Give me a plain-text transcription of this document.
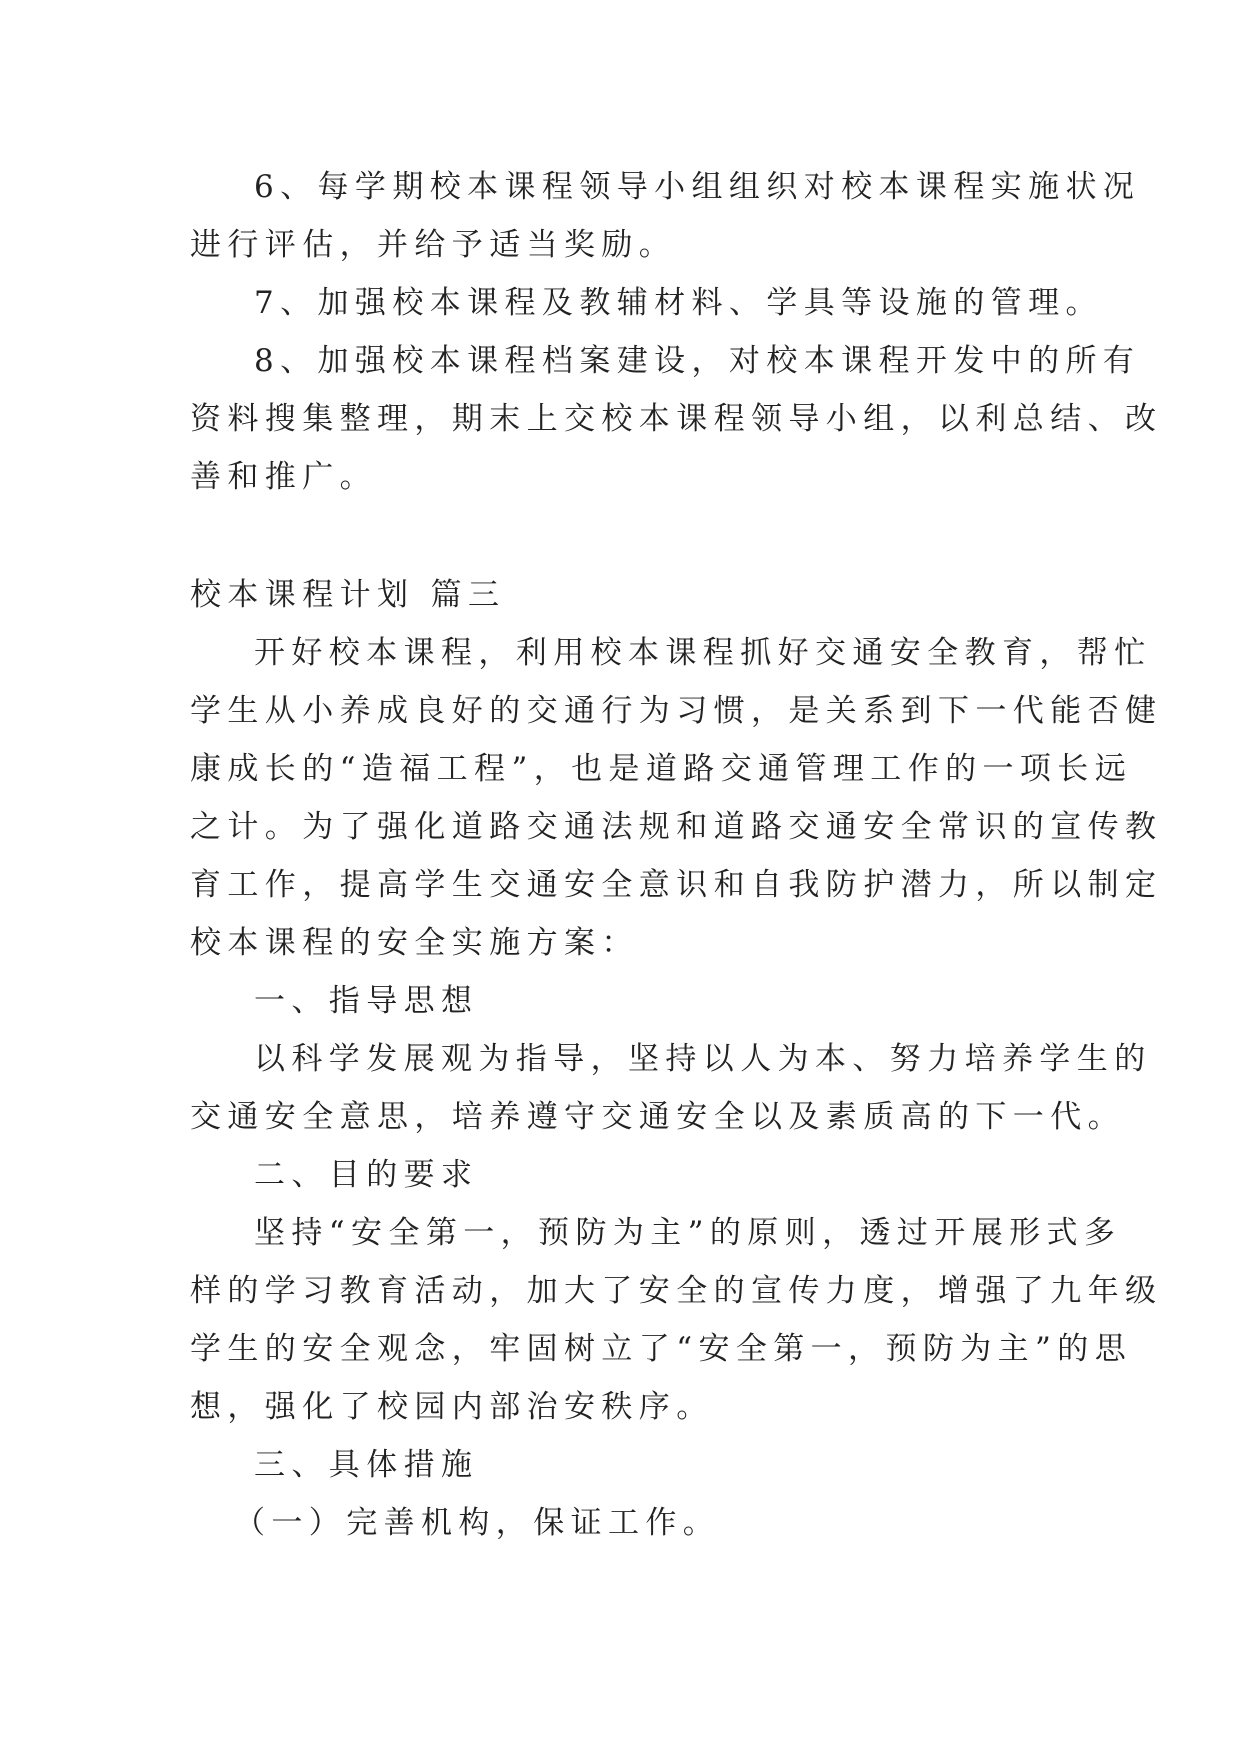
6、每学期校本课程领导小组组织对校本课程实施状况
进行评估，并给予适当奖励。
7、加强校本课程及教辅材料、学具等设施的管理。
8、加强校本课程档案建设，对校本课程开发中的所有
资料搜集整理，期末上交校本课程领导小组，以利总结、改
善和推广。
校本课程计划 篇三
开好校本课程，利用校本课程抓好交通安全教育，帮忙
学生从小养成良好的交通行为习惯，是关系到下一代能否健
康成长的“造福工程”，也是道路交通管理工作的一项长远
之计。为了强化道路交通法规和道路交通安全常识的宣传教
育工作，提高学生交通安全意识和自我防护潜力，所以制定
校本课程的安全实施方案：
一、指导思想
以科学发展观为指导，坚持以人为本、努力培养学生的
交通安全意思，培养遵守交通安全以及素质高的下一代。
二、目的要求
坚持“安全第一，预防为主”的原则，透过开展形式多
样的学习教育活动，加大了安全的宣传力度，增强了九年级
学生的安全观念，牢固树立了“安全第一，预防为主”的思
想，强化了校园内部治安秩序。
三、具体措施
（一）完善机构，保证工作。
